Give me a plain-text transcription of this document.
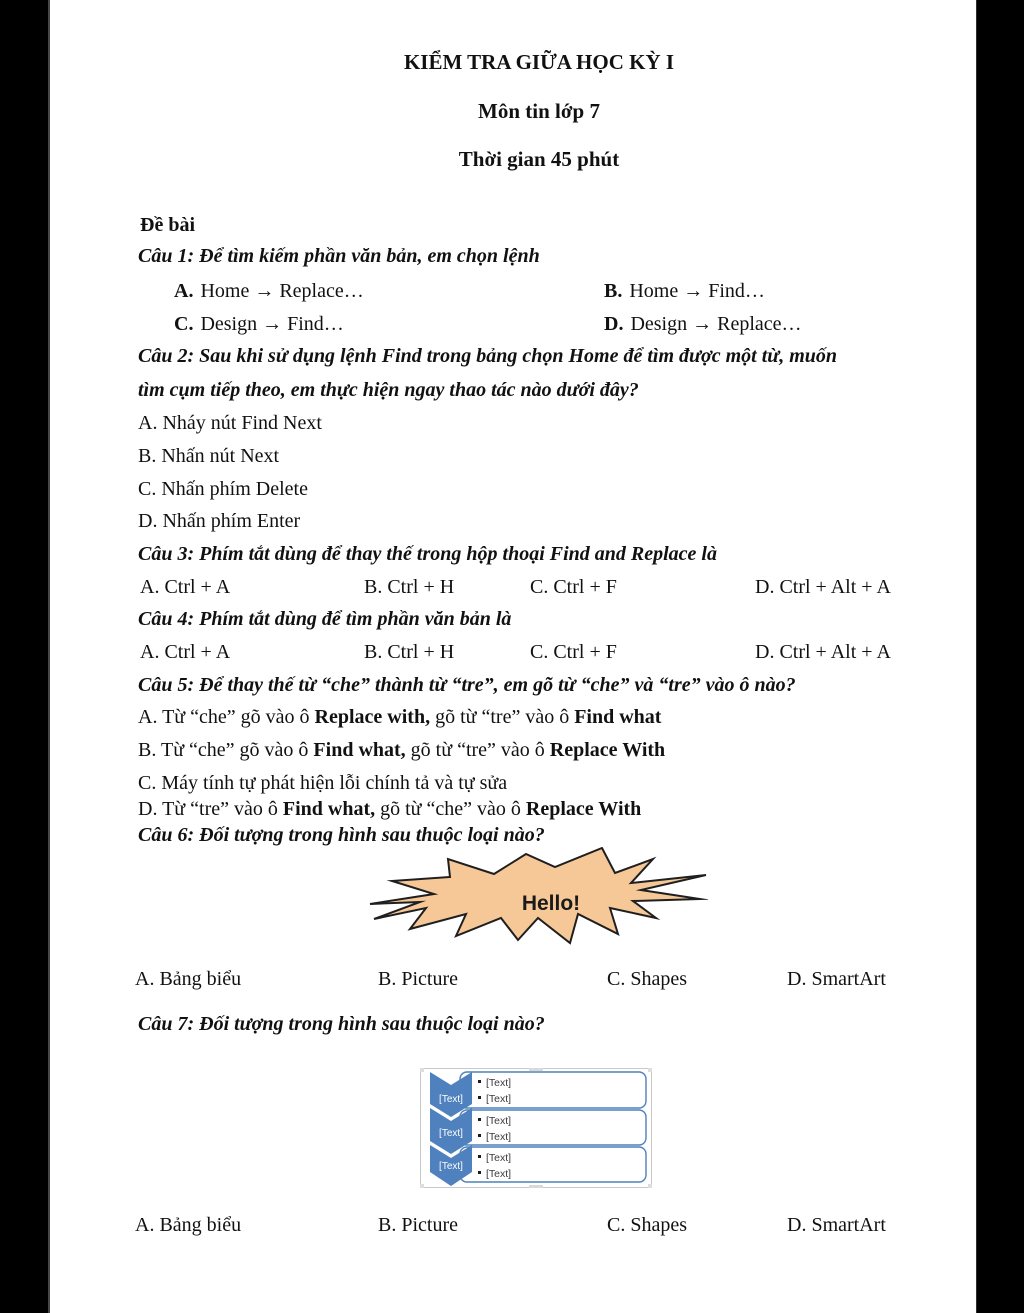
KIỂM TRA GIỮA HỌC KỲ I
Môn tin lớp 7
Thời gian 45 phút
Đề bài
Câu 1: Để tìm kiếm phần văn bản, em chọn lệnh
A. Home → Replace…	B. Home → Find…
C. Design → Find…	D. Design → Replace…
Câu 2: Sau khi sử dụng lệnh Find trong bảng chọn Home để tìm được một từ, muốn
tìm cụm tiếp theo, em thực hiện ngay thao tác nào dưới đây?
A. Nháy nút Find Next
B. Nhấn nút Next
C. Nhấn phím Delete
D. Nhấn phím Enter
Câu 3: Phím tắt dùng để thay thế trong hộp thoại Find and Replace là
A. Ctrl + A	B. Ctrl + H	C. Ctrl + F	D. Ctrl + Alt + A
Câu 4: Phím tắt dùng để tìm phần văn bản là
A. Ctrl + A	B. Ctrl + H	C. Ctrl + F	D. Ctrl + Alt + A
Câu 5: Để thay thế từ “che” thành từ “tre”, em gõ từ “che” và “tre” vào ô nào?
A. Từ “che” gõ vào ô Replace with, gõ từ “tre” vào ô Find what
B. Từ “che” gõ vào ô Find what, gõ từ “tre” vào ô Replace With
C. Máy tính tự phát hiện lỗi chính tả và tự sửa
D. Từ “tre” vào ô Find what, gõ từ “che” vào ô Replace With
Câu 6: Đối tượng trong hình sau thuộc loại nào?
Hello!
A. Bảng biểu	B. Picture	C. Shapes	D. SmartArt
Câu 7: Đối tượng trong hình sau thuộc loại nào?
[Text]
[Text]
[Text]
[Text]
[Text]
[Text]
[Text]
[Text]
[Text]
A. Bảng biểu	B. Picture	C. Shapes	D. SmartArt
